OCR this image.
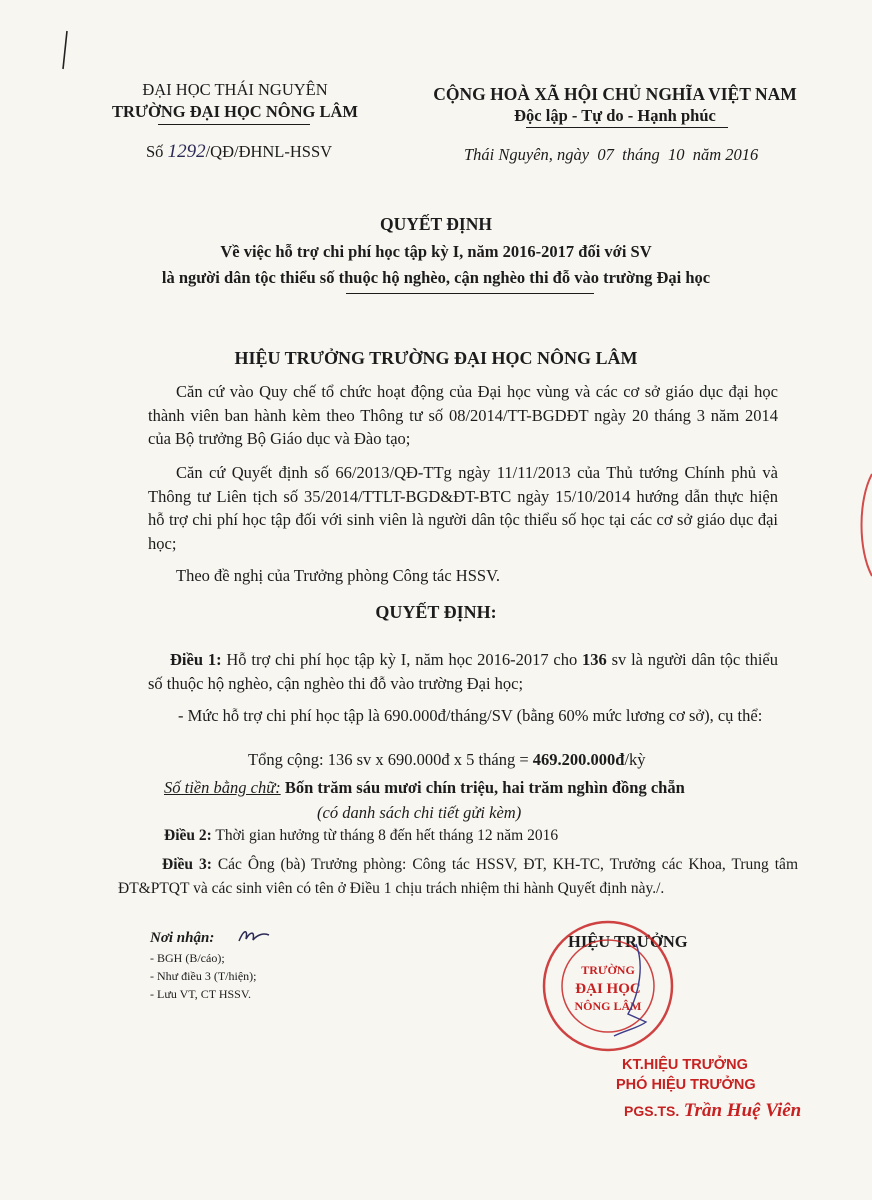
ĐẠI HỌC THÁI NGUYÊN
TRƯỜNG ĐẠI HỌC NÔNG LÂM
Số 1292/QĐ/ĐHNL-HSSV
CỘNG HOÀ XÃ HỘI CHỦ NGHĨA VIỆT NAM
Độc lập - Tự do - Hạnh phúc
Thái Nguyên, ngày  07  tháng  10  năm 2016
QUYẾT ĐỊNH
Về việc hỗ trợ chi phí học tập kỳ I, năm 2016-2017 đối với SV
là người dân tộc thiểu số thuộc hộ nghèo, cận nghèo thi đỗ vào trường Đại học
HIỆU TRƯỞNG TRƯỜNG ĐẠI HỌC NÔNG LÂM
Căn cứ vào Quy chế tổ chức hoạt động của Đại học vùng và các cơ sở giáo dục đại học thành viên ban hành kèm theo Thông tư số 08/2014/TT-BGDĐT ngày 20 tháng 3 năm 2014 của Bộ trưởng Bộ Giáo dục và Đào tạo;
Căn cứ Quyết định số 66/2013/QĐ-TTg ngày 11/11/2013 của Thủ tướng Chính phủ và Thông tư Liên tịch số 35/2014/TTLT-BGD&ĐT-BTC ngày 15/10/2014 hướng dẫn thực hiện hỗ trợ chi phí học tập đối với sinh viên là người dân tộc thiểu số học tại các cơ sở giáo dục đại học;
Theo đề nghị của Trưởng phòng Công tác HSSV.
QUYẾT ĐỊNH:
Điều 1: Hỗ trợ chi phí học tập kỳ I, năm học 2016-2017 cho 136 sv là người dân tộc thiểu số thuộc hộ nghèo, cận nghèo thi đỗ vào trường Đại học;
- Mức hỗ trợ chi phí học tập là 690.000đ/tháng/SV (bằng 60% mức lương cơ sở), cụ thể:
Tổng cộng: 136 sv x 690.000đ x 5 tháng = 469.200.000đ/kỳ
Số tiền bằng chữ: Bốn trăm sáu mươi chín triệu, hai trăm nghìn đồng chẵn
(có danh sách chi tiết gửi kèm)
Điều 2: Thời gian hưởng từ tháng 8 đến hết tháng 12 năm 2016
Điều 3: Các Ông (bà) Trưởng phòng: Công tác HSSV, ĐT, KH-TC, Trưởng các Khoa, Trung tâm ĐT&PTQT và các sinh viên có tên ở Điều 1 chịu trách nhiệm thi hành Quyết định này./.
Nơi nhận:
- BGH (B/cáo);
- Như điều 3 (T/hiện);
- Lưu VT, CT HSSV.
HIỆU TRƯỞNG
TRƯỜNG
ĐẠI HỌC
NÔNG LÂM
KT.HIỆU TRƯỞNG
PHÓ HIỆU TRƯỞNG
PGS.TS. Trần Huệ Viên
